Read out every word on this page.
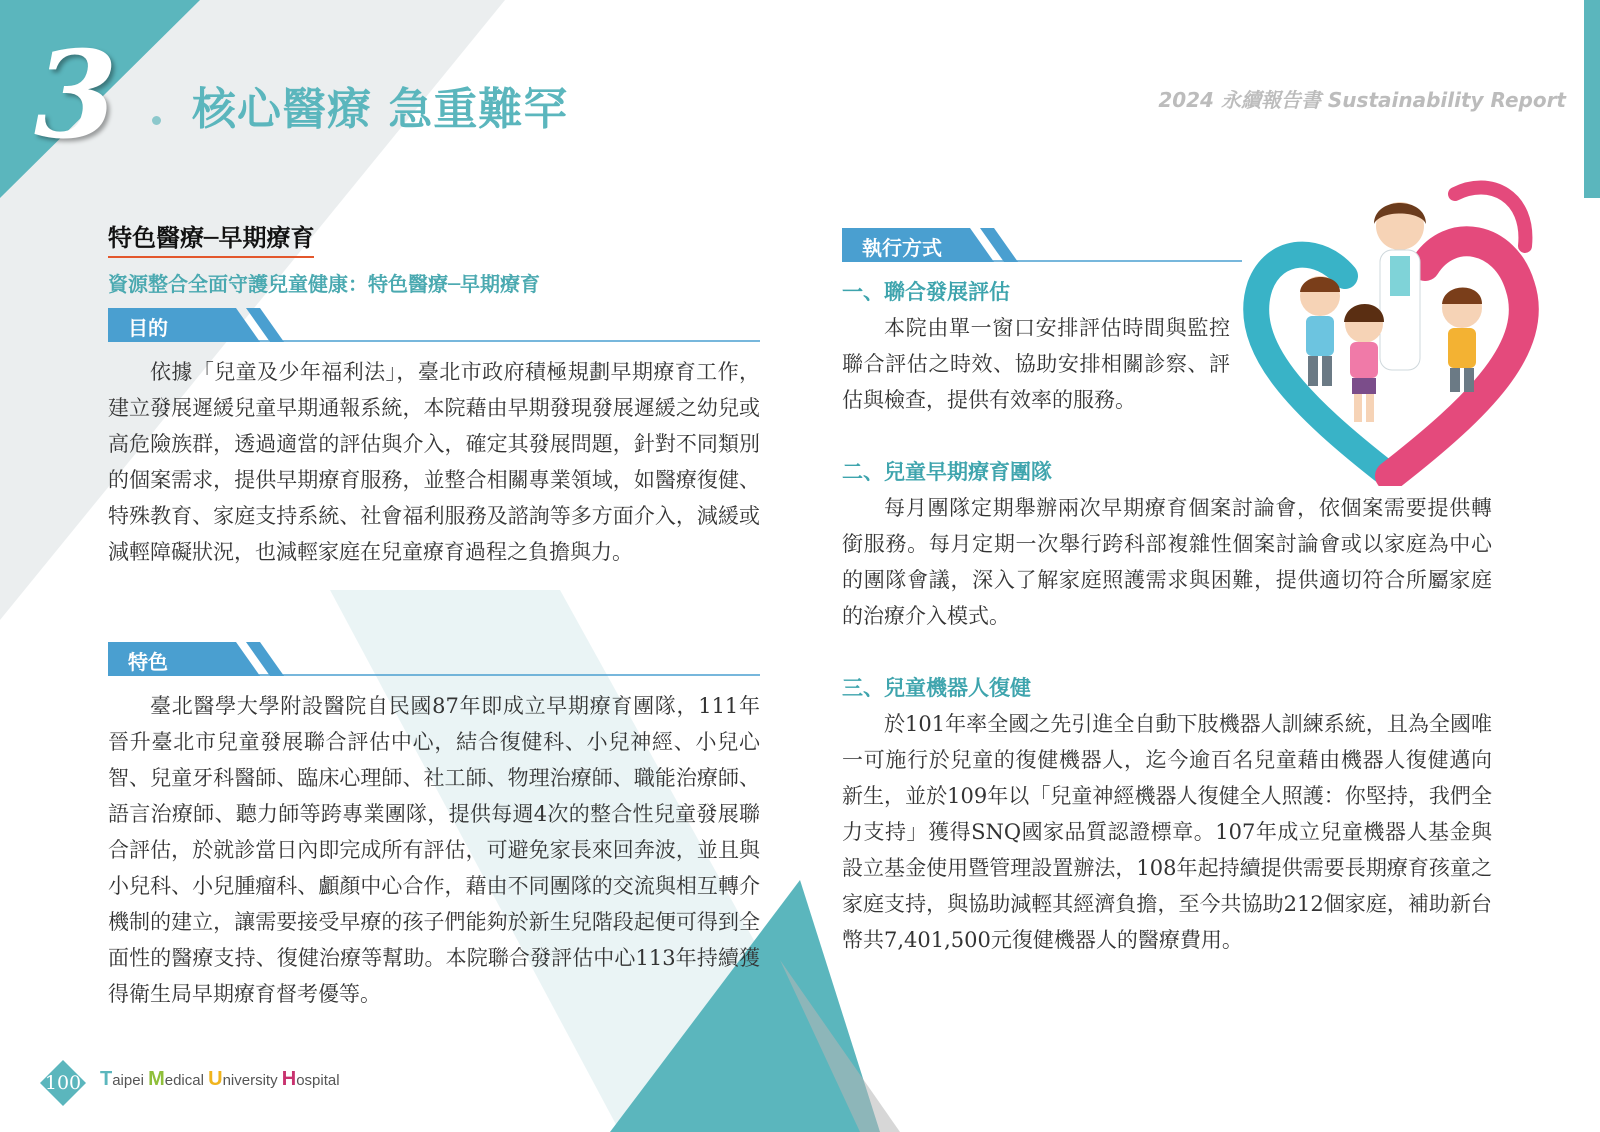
3 核心醫療 急重難罕	2024 永續報告書 Sustainability Report
特色醫療─早期療育
資源整合全面守護兒童健康：特色醫療─早期療育
目的

依據「兒童及少年福利法」，臺北市政府積極規劃早期療育工作，建立發展遲緩兒童早期通報系統，本院藉由早期發現發展遲緩之幼兒或高危險族群，透過適當的評估與介入，確定其發展問題，針對不同類別的個案需求，提供早期療育服務，並整合相關專業領域，如醫療復健、特殊教育、家庭支持系統、社會福利服務及諮詢等多方面介入，減緩或減輕障礙狀況，也減輕家庭在兒童療育過程之負擔與力。

特色

臺北醫學大學附設醫院自民國87年即成立早期療育團隊，111年晉升臺北市兒童發展聯合評估中心，結合復健科、小兒神經、小兒心智、兒童牙科醫師、臨床心理師、社工師、物理治療師、職能治療師、語言治療師、聽力師等跨專業團隊，提供每週4次的整合性兒童發展聯合評估，於就診當日內即完成所有評估，可避免家長來回奔波，並且與小兒科、小兒腫瘤科、顱顏中心合作，藉由不同團隊的交流與相互轉介機制的建立，讓需要接受早療的孩子們能夠於新生兒階段起便可得到全面性的醫療支持、復健治療等幫助。本院聯合發評估中心113年持續獲得衛生局早期療育督考優等。

執行方式
一、聯合發展評估

本院由單一窗口安排評估時間與監控聯合評估之時效、協助安排相關診察、評估與檢查，提供有效率的服務。

二、兒童早期療育團隊

每月團隊定期舉辦兩次早期療育個案討論會，依個案需要提供轉銜服務。每月定期一次舉行跨科部複雜性個案討論會或以家庭為中心的團隊會議，深入了解家庭照護需求與困難，提供適切符合所屬家庭的治療介入模式。

三、兒童機器人復健

於101年率全國之先引進全自動下肢機器人訓練系統，且為全國唯一可施行於兒童的復健機器人，迄今逾百名兒童藉由機器人復健邁向新生，並於109年以「兒童神經機器人復健全人照護：你堅持，我們全力支持」獲得SNQ國家品質認證標章。107年成立兒童機器人基金與設立基金使用暨管理設置辦法，108年起持續提供需要長期療育孩童之家庭支持，與協助減輕其經濟負擔，至今共協助212個家庭，補助新台幣共7,401,500元復健機器人的醫療費用。

100 Taipei Medical University Hospital
